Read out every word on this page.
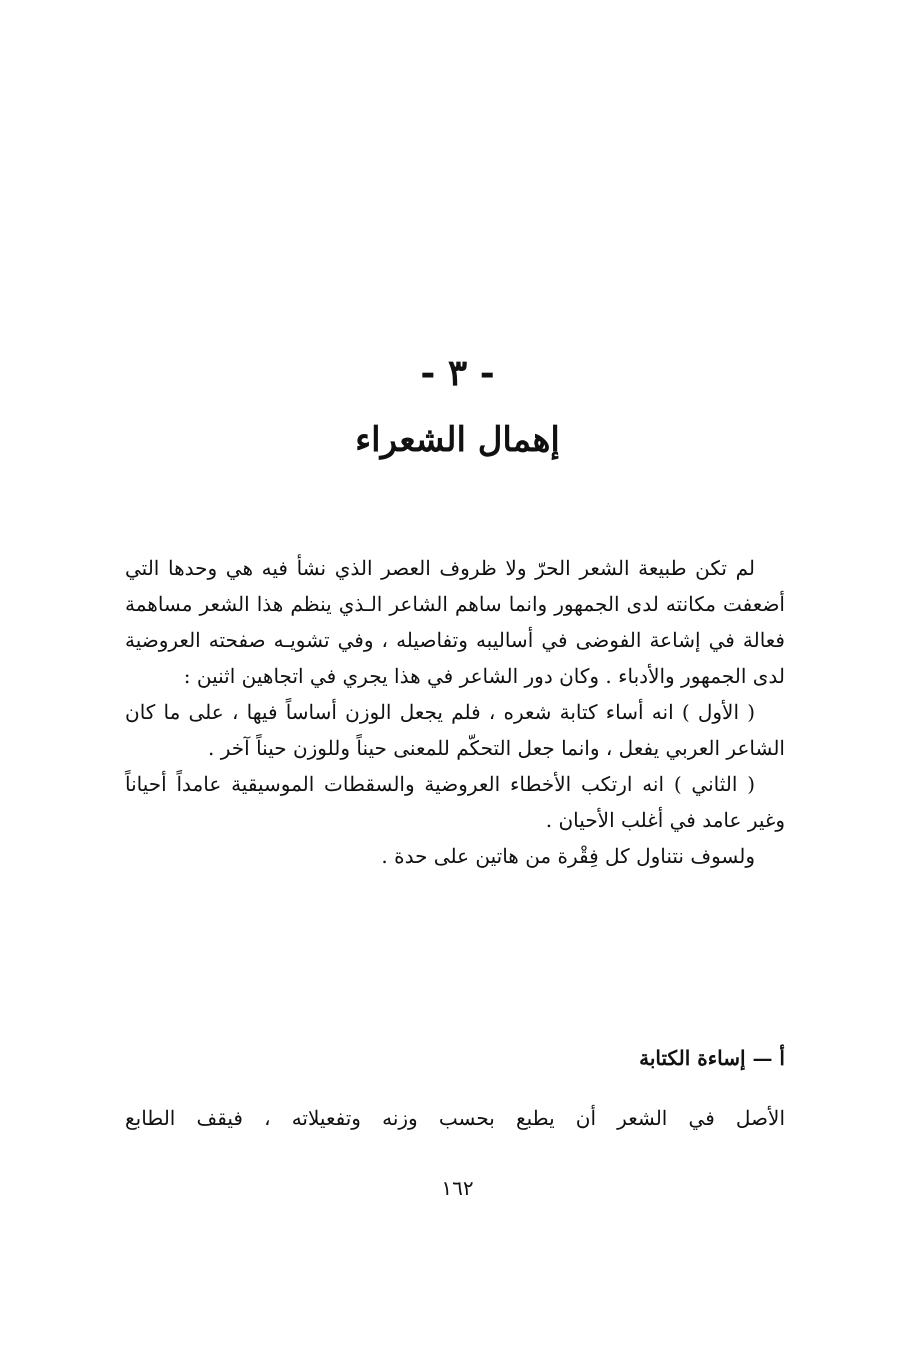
- ٣ -
إهمال الشعراء

لم تكن طبيعة الشعر الحرّ ولا ظروف العصر الذي نشأ فيه هي وحدها التي أضعفت مكانته لدى الجمهور وانما ساهم الشاعر الـذي ينظم هذا الشعر مساهمة فعالة في إشاعة الفوضى في أساليبه وتفاصيله ، وفي تشويـه صفحته العروضية لدى الجمهور والأدباء . وكان دور الشاعر في هذا يجري في اتجاهين اثنين :

( الأول ) انه أساء كتابة شعره ، فلم يجعل الوزن أساساً فيها ، على ما كان الشاعر العربي يفعل ، وانما جعل التحكّم للمعنى حيناً وللوزن حيناً آخر .

( الثاني ) انه ارتكب الأخطاء العروضية والسقطات الموسيقية عامداً أحياناً وغير عامد في أغلب الأحيان .

ولسوف نتناول كل فِقْرة من هاتين على حدة .

أ — إساءة الكتابة
الأصل في الشعر أن يطبع بحسب وزنه وتفعيلاته ، فيقف الطابع
١٦٢
